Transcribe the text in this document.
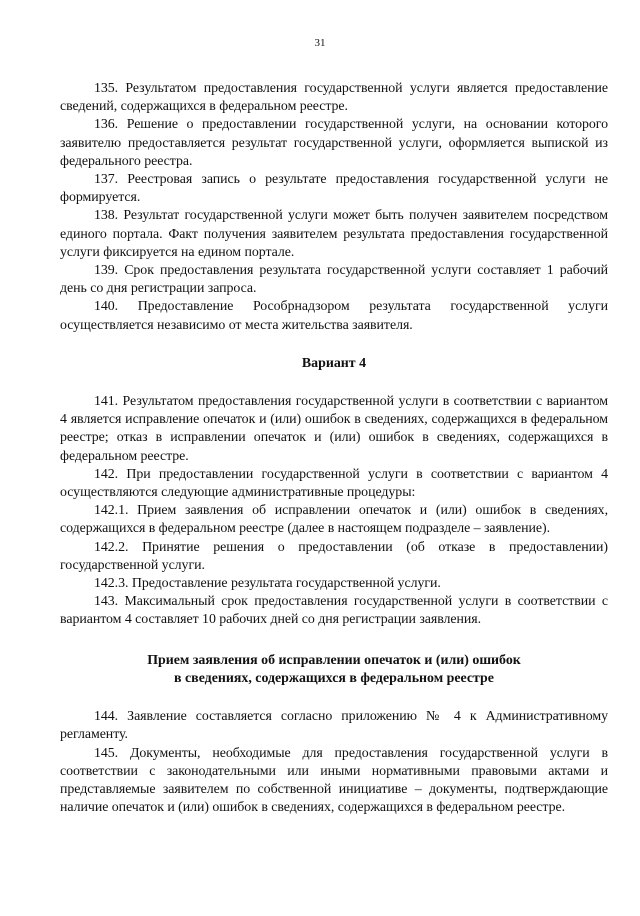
31

135. Результатом предоставления государственной услуги является предоставление сведений, содержащихся в федеральном реестре.

136. Решение о предоставлении государственной услуги, на основании которого заявителю предоставляется результат государственной услуги, оформляется выпиской из федерального реестра.

137. Реестровая запись о результате предоставления государственной услуги не формируется.

138. Результат государственной услуги может быть получен заявителем посредством единого портала. Факт получения заявителем результата предоставления государственной услуги фиксируется на едином портале.

139. Срок предоставления результата государственной услуги составляет 1 рабочий день со дня регистрации запроса.

140. Предоставление Рособрнадзором результата государственной услуги осуществляется независимо от места жительства заявителя.

Вариант 4

141. Результатом предоставления государственной услуги в соответствии с вариантом 4 является исправление опечаток и (или) ошибок в сведениях, содержащихся в федеральном реестре; отказ в исправлении опечаток и (или) ошибок в сведениях, содержащихся в федеральном реестре.

142. При предоставлении государственной услуги в соответствии с вариантом 4 осуществляются следующие административные процедуры:

142.1. Прием заявления об исправлении опечаток и (или) ошибок в сведениях, содержащихся в федеральном реестре (далее в настоящем подразделе – заявление).

142.2. Принятие решения о предоставлении (об отказе в предоставлении) государственной услуги.

142.3. Предоставление результата государственной услуги.

143. Максимальный срок предоставления государственной услуги в соответствии с вариантом 4 составляет 10 рабочих дней со дня регистрации заявления.

Прием заявления об исправлении опечаток и (или) ошибок
в сведениях, содержащихся в федеральном реестре

144. Заявление составляется согласно приложению № 4 к Административному регламенту.

145. Документы, необходимые для предоставления государственной услуги в соответствии с законодательными или иными нормативными правовыми актами и представляемые заявителем по собственной инициативе – документы, подтверждающие наличие опечаток и (или) ошибок в сведениях, содержащихся в федеральном реестре.
